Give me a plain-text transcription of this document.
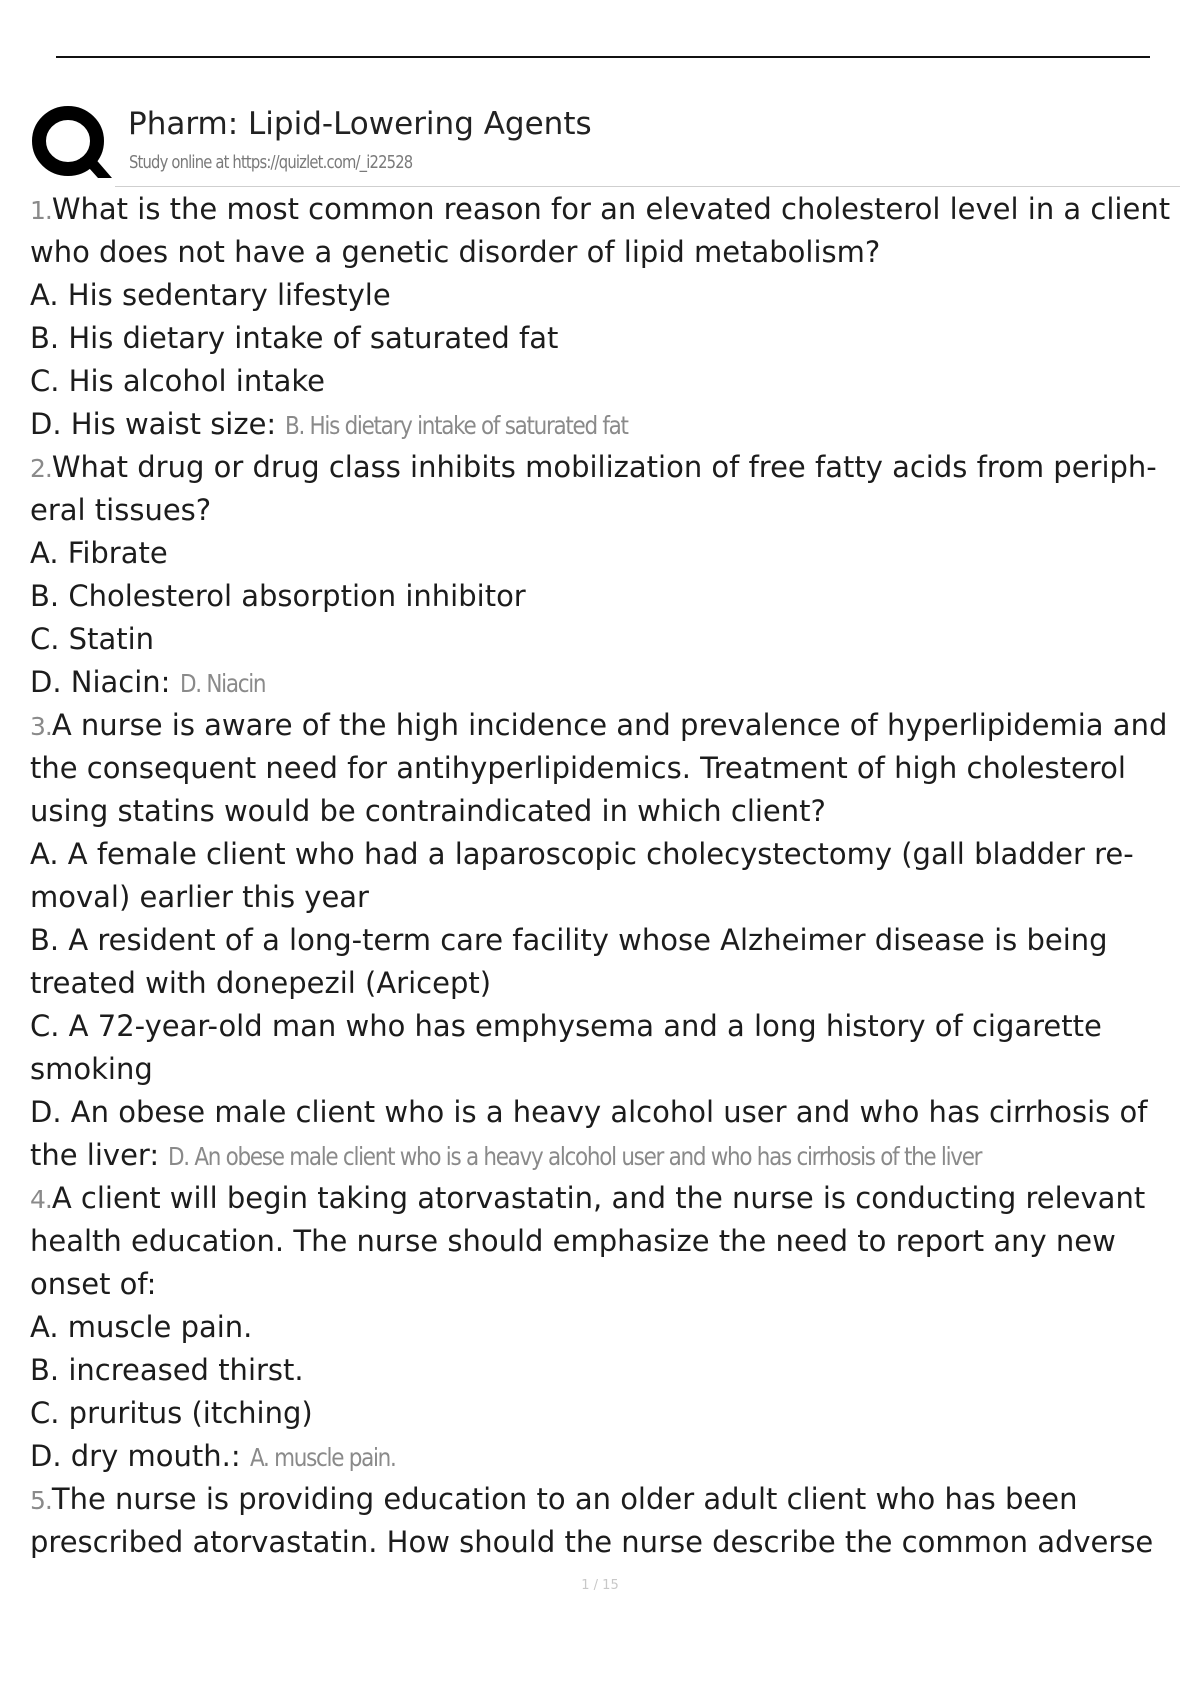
Pharm: Lipid-Lowering Agents
Study online at https://quizlet.com/_i22528
1.What is the most common reason for an elevated cholesterol level in a client
who does not have a genetic disorder of lipid metabolism?
A. His sedentary lifestyle
B. His dietary intake of saturated fat
C. His alcohol intake
D. His waist size: B. His dietary intake of saturated fat
2.What drug or drug class inhibits mobilization of free fatty acids from periph-
eral tissues?
A. Fibrate
B. Cholesterol absorption inhibitor
C. Statin
D. Niacin: D. Niacin
3.A nurse is aware of the high incidence and prevalence of hyperlipidemia and
the consequent need for antihyperlipidemics. Treatment of high cholesterol
using statins would be contraindicated in which client?
A. A female client who had a laparoscopic cholecystectomy (gall bladder re-
moval) earlier this year
B. A resident of a long-term care facility whose Alzheimer disease is being
treated with donepezil (Aricept)
C. A 72-year-old man who has emphysema and a long history of cigarette
smoking
D. An obese male client who is a heavy alcohol user and who has cirrhosis of
the liver: D. An obese male client who is a heavy alcohol user and who has cirrhosis of the liver
4.A client will begin taking atorvastatin, and the nurse is conducting relevant
health education. The nurse should emphasize the need to report any new
onset of:
A. muscle pain.
B. increased thirst.
C. pruritus (itching)
D. dry mouth.: A. muscle pain.
5.The nurse is providing education to an older adult client who has been
prescribed atorvastatin. How should the nurse describe the common adverse
1 / 15
